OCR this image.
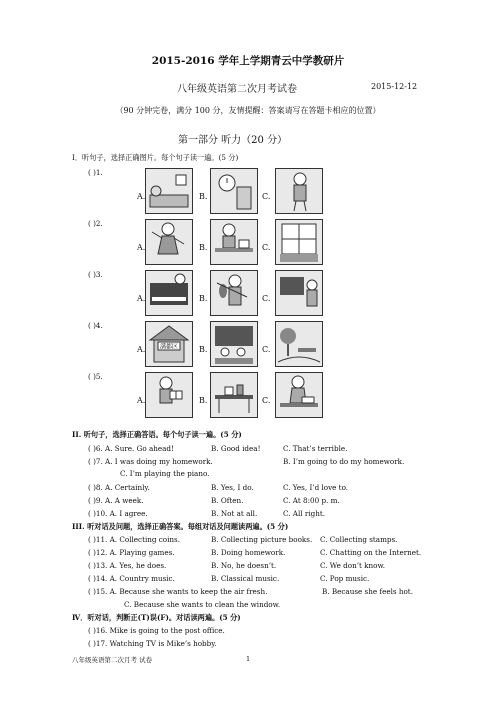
2015-2016 学年上学期青云中学教研片
八年级英语第二次月考试卷	2015-12-12
（90 分钟完卷，满分 100 分，友情提醒：答案请写在答题卡相应的位置）
第一部分 听力（20 分）
Ⅰ．听句子，选择正确图片。每个句子读一遍。(5 分)
( )1.
A.	B.	C.
( )2.
A.	B.	C.
( )3.
A.	B.	C.
( )4.
A. 满都区	B.	C.
( )5.
A.	B.	C.
II. 听句子，选择正确答语。每个句子读一遍。(5 分)
( )6. A. Sure. Go ahead!	B. Good idea!	C. That’s terrible.
( )7. A. I was doing my homework.	B. I’m going to do my homework.
C. I’m playing the piano.
( )8. A. Certainly.	B. Yes, I do.	C. Yes, I’d love to.
( )9. A. A week.	B. Often.	C. At 8:00 p. m.
( )10. A. I agree.	B. Not at all.	C. All right.
III. 听对话及问题，选择正确答案。每组对话及问题读两遍。(5 分)
( )11. A. Collecting coins.	B. Collecting picture books. C. Collecting stamps.
( )12. A. Playing games.	B. Doing homework.	C. Chatting on the Internet.
( )13. A. Yes, he does.	B. No, he doesn’t.	C. We don’t know.
( )14. A. Country music.	B. Classical music.	C. Pop music.
( )15. A. Because she wants to keep the air fresh.	B. Because she feels hot.
C. Because she wants to clean the window.
Ⅳ．听对话，判断正(T)误(F)。对话读两遍。(5 分)
( )16. Mike is going to the post office.
( )17. Watching TV is Mike’s hobby.
八年级英语第二次月考 试卷	1
